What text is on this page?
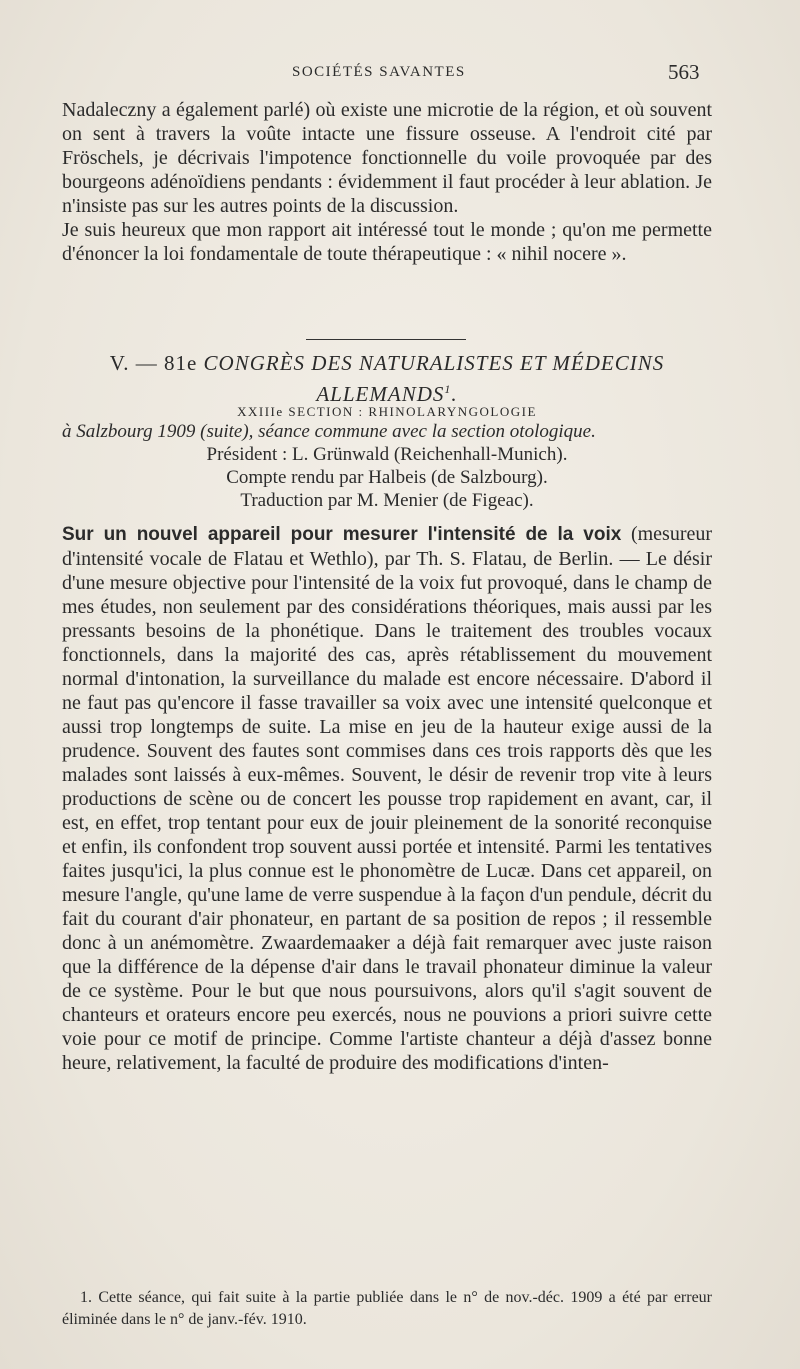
SOCIÉTÉS SAVANTES	563

Nadaleczny a également parlé) où existe une microtie de la région, et où souvent on sent à travers la voûte intacte une fissure osseuse. A l'endroit cité par Fröschels, je décrivais l'impotence fonctionnelle du voile provoquée par des bourgeons adénoïdiens pendants : évidemment il faut procéder à leur ablation. Je n'insiste pas sur les autres points de la discussion.

Je suis heureux que mon rapport ait intéressé tout le monde ; qu'on me permette d'énoncer la loi fondamentale de toute thérapeutique : « nihil nocere ».

V. — 81e CONGRÈS DES NATURALISTES ET MÉDECINS ALLEMANDS$^1$.
XXIIIe SECTION : RHINOLARYNGOLOGIE
à Salzbourg 1909 (suite), séance commune avec la section otologique.
Président : L. Grünwald (Reichenhall-Munich).
Compte rendu par Halbeis (de Salzbourg).
Traduction par M. Menier (de Figeac).
Sur un nouvel appareil pour mesurer l'intensité de la voix (mesureur d'intensité vocale de Flatau et Wethlo), par Th. S. Flatau, de Berlin. — Le désir d'une mesure objective pour l'intensité de la voix fut provoqué, dans le champ de mes études, non seulement par des considérations théoriques, mais aussi par les pressants besoins de la phonétique. Dans le traitement des troubles vocaux fonctionnels, dans la majorité des cas, après rétablissement du mouvement normal d'intonation, la surveillance du malade est encore nécessaire. D'abord il ne faut pas qu'encore il fasse travailler sa voix avec une intensité quelconque et aussi trop longtemps de suite. La mise en jeu de la hauteur exige aussi de la prudence. Souvent des fautes sont commises dans ces trois rapports dès que les malades sont laissés à eux-mêmes. Souvent, le désir de revenir trop vite à leurs productions de scène ou de concert les pousse trop rapidement en avant, car, il est, en effet, trop tentant pour eux de jouir pleinement de la sonorité reconquise et enfin, ils confondent trop souvent aussi portée et intensité. Parmi les tentatives faites jusqu'ici, la plus connue est le phonomètre de Lucæ. Dans cet appareil, on mesure l'angle, qu'une lame de verre suspendue à la façon d'un pendule, décrit du fait du courant d'air phonateur, en partant de sa position de repos ; il ressemble donc à un anémomètre. Zwaardemaaker a déjà fait remarquer avec juste raison que la différence de la dépense d'air dans le travail phonateur diminue la valeur de ce système. Pour le but que nous poursuivons, alors qu'il s'agit souvent de chanteurs et orateurs encore peu exercés, nous ne pouvions a priori suivre cette voie pour ce motif de principe. Comme l'artiste chanteur a déjà d'assez bonne heure, relativement, la faculté de produire des modifications d'inten-
1. Cette séance, qui fait suite à la partie publiée dans le n° de nov.-déc. 1909 a été par erreur éliminée dans le n° de janv.-fév. 1910.
